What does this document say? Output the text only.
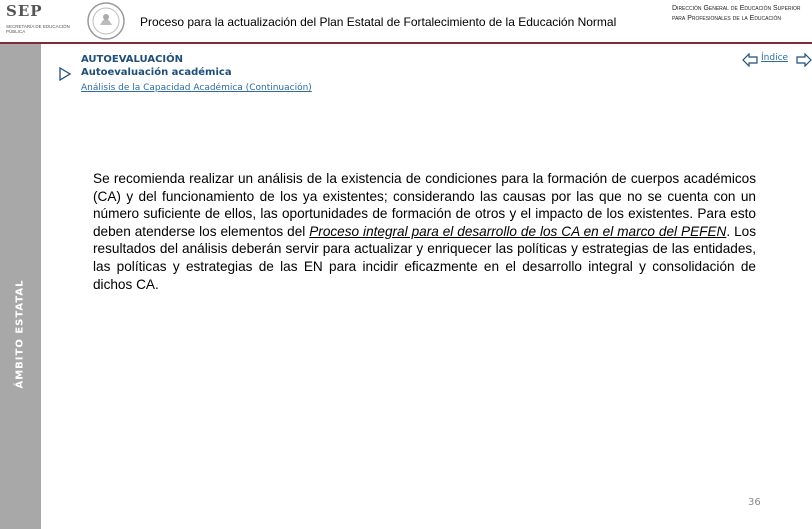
SEP
SECRETARÍA DE EDUCACIÓN PÚBLICA
Proceso para la actualización del Plan Estatal de Fortalecimiento de la Educación Normal
Dirección General de Educación Superior para Profesionales de la Educación
ÁMBITO ESTATAL
AUTOEVALUACIÓN
Autoevaluación académica
Análisis de la Capacidad Académica (Continuación)
Índice
Se recomienda realizar un análisis de la existencia de condiciones para la formación de cuerpos académicos (CA) y del funcionamiento de los ya existentes; considerando las causas por las que no se cuenta con un número suficiente de ellos, las oportunidades de formación de otros y el impacto de los existentes. Para esto deben atenderse los elementos del Proceso integral para el desarrollo de los CA en el marco del PEFEN. Los resultados del análisis deberán servir para actualizar y enriquecer las políticas y estrategias de las entidades, las políticas y estrategias de las EN para incidir eficazmente en el desarrollo integral y consolidación de dichos CA.
36
